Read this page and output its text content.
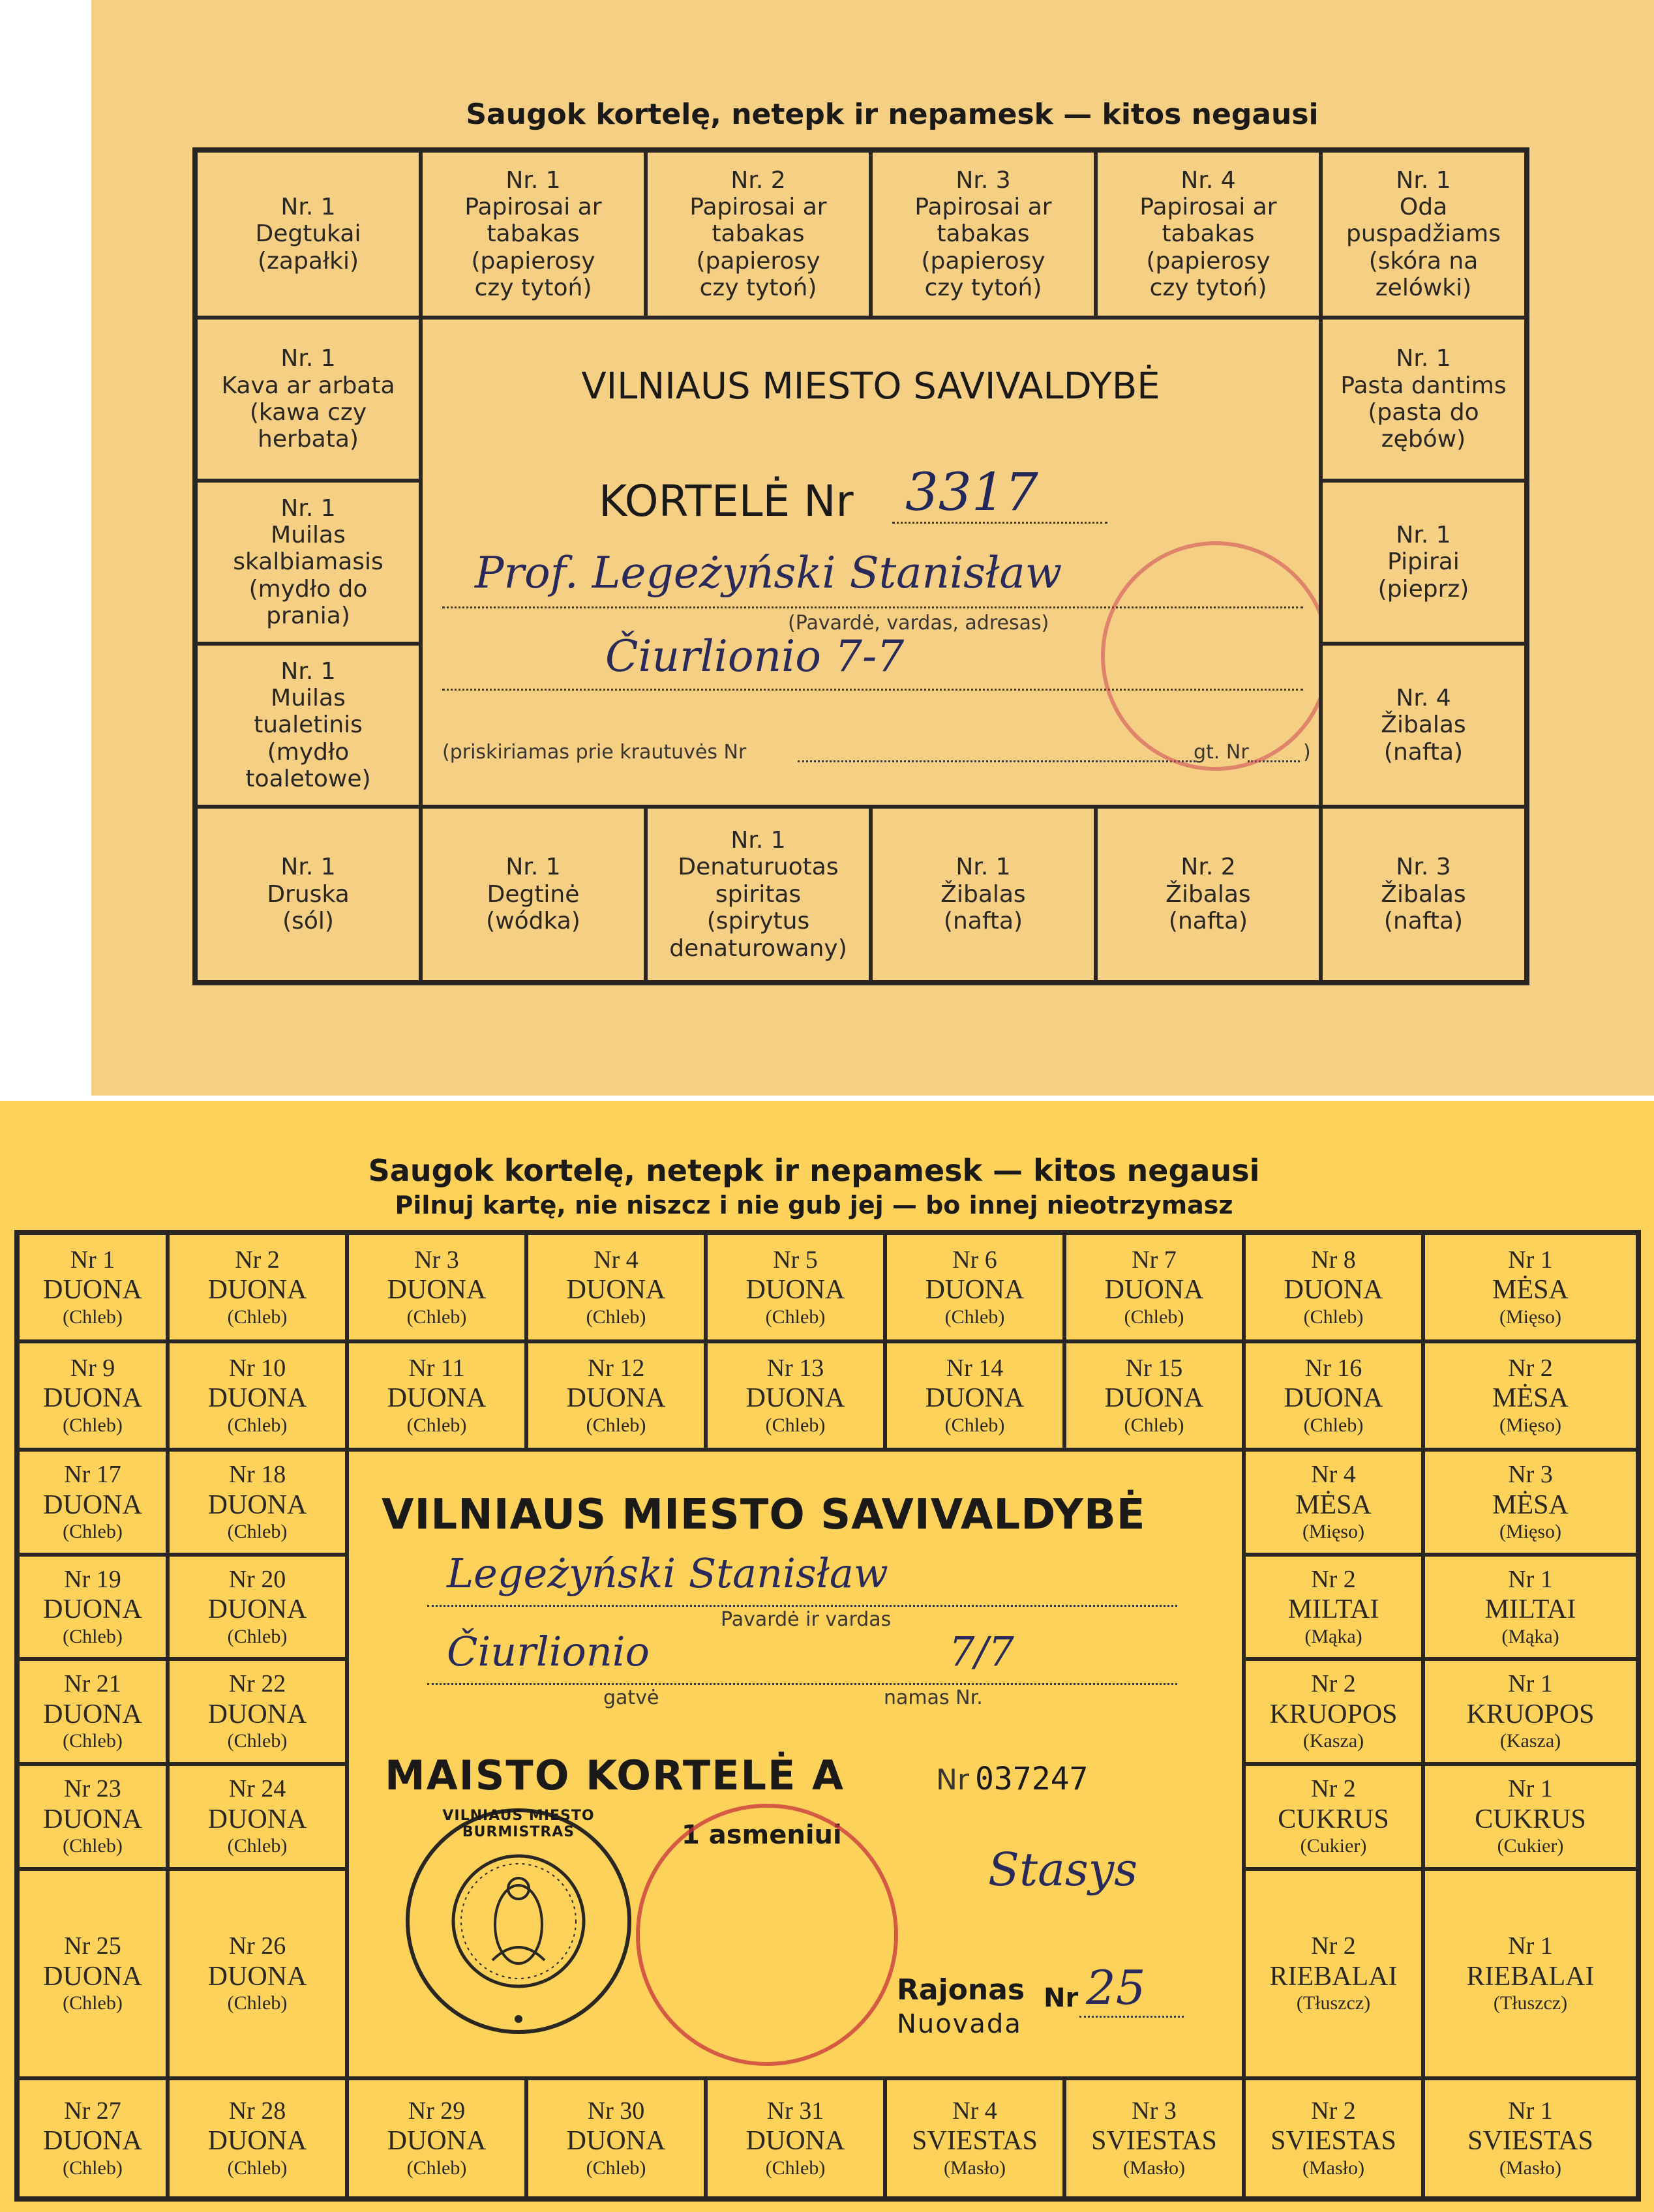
Saugok kortelę, netepk ir nepamesk — kitos negausi
Nr. 1
Degtukai
(zapałki)
Nr. 1
Papirosai ar
tabakas
(papierosy
czy tytoń)
Nr. 2
Papirosai ar
tabakas
(papierosy
czy tytoń)
Nr. 3
Papirosai ar
tabakas
(papierosy
czy tytoń)
Nr. 4
Papirosai ar
tabakas
(papierosy
czy tytoń)
Nr. 1
Oda
puspadžiams
(skóra na
zelówki)
Nr. 1
Kava ar arbata
(kawa czy
herbata)
Nr. 1
Muilas
skalbiamasis
(mydło do
prania)
Nr. 1
Muilas
tualetinis
(mydło
toaletowe)
VILNIAUS MIESTO SAVIVALDYBĖ
KORTELĖ Nr 3317
Prof. Legeżyński Stanisław
(Pavardė, vardas, adresas)
Čiurlionio 7-7
(priskiriamas prie krautuvės Nr	gt. Nr	)
Nr. 1
Pasta dantims
(pasta do zębów)
Nr. 1
Pipirai
(pieprz)
Nr. 4
Žibalas
(nafta)
Nr. 1
Druska
(sól)
Nr. 1
Degtinė
(wódka)
Nr. 1
Denaturuotas
spiritas
(spirytus
denaturowany)
Nr. 1
Žibalas
(nafta)
Nr. 2
Žibalas
(nafta)
Nr. 3
Žibalas
(nafta)
Saugok kortelę, netepk ir nepamesk — kitos negausi
Pilnuj kartę, nie niszcz i nie gub jej — bo innej nieotrzymasz
Nr 1
DUONA
(Chleb)
Nr 2
DUONA
(Chleb)
Nr 3
DUONA
(Chleb)
Nr 4
DUONA
(Chleb)
Nr 5
DUONA
(Chleb)
Nr 6
DUONA
(Chleb)
Nr 7
DUONA
(Chleb)
Nr 8
DUONA
(Chleb)
Nr 1
MĖSA
(Mięso)
Nr 9
DUONA
(Chleb)
Nr 10
DUONA
(Chleb)
Nr 11
DUONA
(Chleb)
Nr 12
DUONA
(Chleb)
Nr 13
DUONA
(Chleb)
Nr 14
DUONA
(Chleb)
Nr 15
DUONA
(Chleb)
Nr 16
DUONA
(Chleb)
Nr 2
MĖSA
(Mięso)
Nr 17
DUONA
(Chleb)
Nr 19
DUONA
(Chleb)
Nr 21
DUONA
(Chleb)
Nr 23
DUONA
(Chleb)
Nr 25
DUONA
(Chleb)
Nr 18
DUONA
(Chleb)
Nr 20
DUONA
(Chleb)
Nr 22
DUONA
(Chleb)
Nr 24
DUONA
(Chleb)
Nr 26
DUONA
(Chleb)
VILNIAUS MIESTO SAVIVALDYBĖ
Legeżyński Stanisław
Pavardė ir vardas
Čiurlionio	7/7
gatvė	namas Nr.
MAISTO KORTELĖ A	Nr 037247
1 asmeniui
Stasys
Rajonas Nr 25
Nuovada
VILNIAUS MIESTO BURMISTRAS
Nr 4
MĖSA
(Mięso)
Nr 2
MILTAI
(Mąka)
Nr 2
KRUOPOS
(Kasza)
Nr 2
CUKRUS
(Cukier)
Nr 2
RIEBALAI
(Tłuszcz)
Nr 3
MĖSA
(Mięso)
Nr 1
MILTAI
(Mąka)
Nr 1
KRUOPOS
(Kasza)
Nr 1
CUKRUS
(Cukier)
Nr 1
RIEBALAI
(Tłuszcz)
Nr 27
DUONA
(Chleb)
Nr 28
DUONA
(Chleb)
Nr 29
DUONA
(Chleb)
Nr 30
DUONA
(Chleb)
Nr 31
DUONA
(Chleb)
Nr 4
SVIESTAS
(Masło)
Nr 3
SVIESTAS
(Masło)
Nr 2
SVIESTAS
(Masło)
Nr 1
SVIESTAS
(Masło)
